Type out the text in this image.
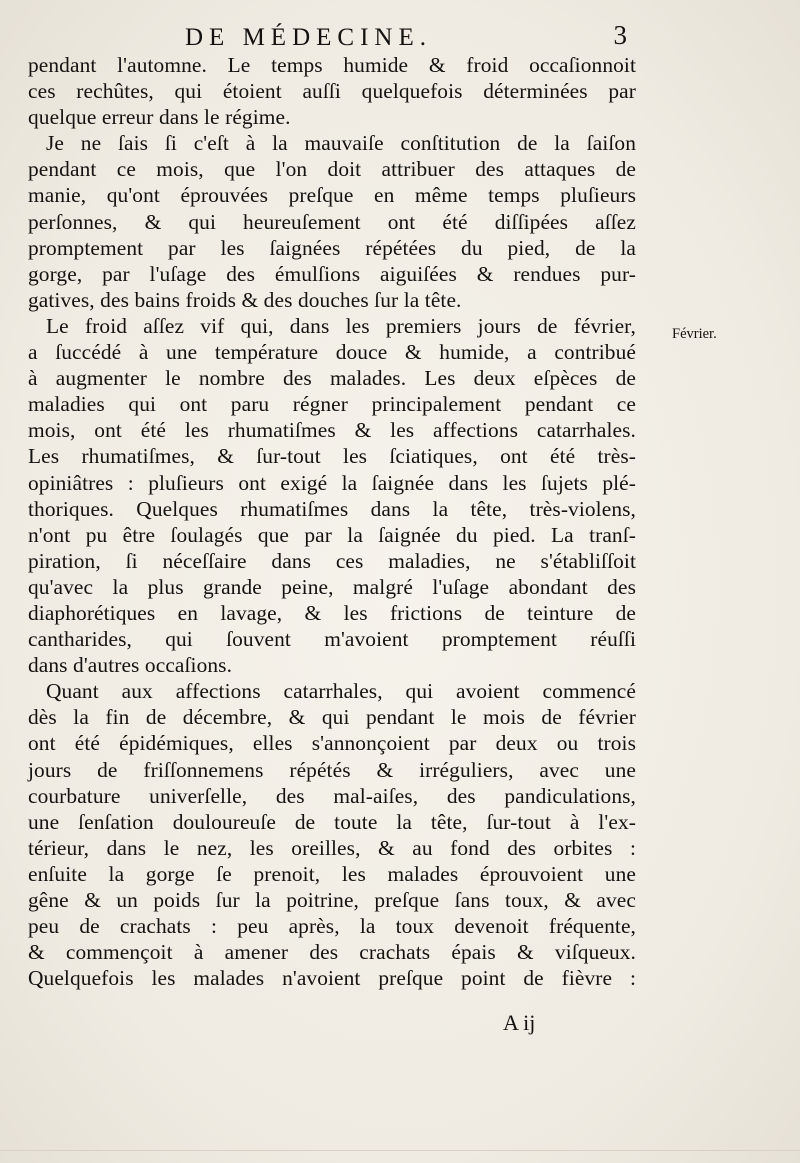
DE MÉDECINE.	3
pendant l'automne. Le temps humide & froid occaſionnoit
ces rechûtes, qui étoient auſſi quelquefois déterminées par
quelque erreur dans le régime.
Je ne ſais ſi c'eſt à la mauvaiſe conſtitution de la ſaiſon
pendant ce mois, que l'on doit attribuer des attaques de
manie, qu'ont éprouvées preſque en même temps pluſieurs
perſonnes, & qui heureuſement ont été diſſipées aſſez
promptement par les ſaignées répétées du pied, de la
gorge, par l'uſage des émulſions aiguiſées & rendues pur-
gatives, des bains froids & des douches ſur la tête.
Le froid aſſez vif qui, dans les premiers jours de février,
a ſuccédé à une température douce & humide, a contribué
à augmenter le nombre des malades. Les deux eſpèces de
maladies qui ont paru régner principalement pendant ce
mois, ont été les rhumatiſmes & les affections catarrhales.
Les rhumatiſmes, & ſur-tout les ſciatiques, ont été très-
opiniâtres : pluſieurs ont exigé la ſaignée dans les ſujets plé-
thoriques. Quelques rhumatiſmes dans la tête, très-violens,
n'ont pu être ſoulagés que par la ſaignée du pied. La tranſ-
piration, ſi néceſſaire dans ces maladies, ne s'établiſſoit
qu'avec la plus grande peine, malgré l'uſage abondant des
diaphorétiques en lavage, & les frictions de teinture de
cantharides, qui ſouvent m'avoient promptement réuſſi
dans d'autres occaſions.
Quant aux affections catarrhales, qui avoient commencé
dès la fin de décembre, & qui pendant le mois de février
ont été épidémiques, elles s'annonçoient par deux ou trois
jours de friſſonnemens répétés & irréguliers, avec une
courbature univerſelle, des mal-aiſes, des pandiculations,
une ſenſation douloureuſe de toute la tête, ſur-tout à l'ex-
térieur, dans le nez, les oreilles, & au fond des orbites :
enſuite la gorge ſe prenoit, les malades éprouvoient une
gêne & un poids ſur la poitrine, preſque ſans toux, & avec
peu de crachats : peu après, la toux devenoit fréquente,
& commençoit à amener des crachats épais & viſqueux.
Quelquefois les malades n'avoient preſque point de fièvre :
Février.
A ij
